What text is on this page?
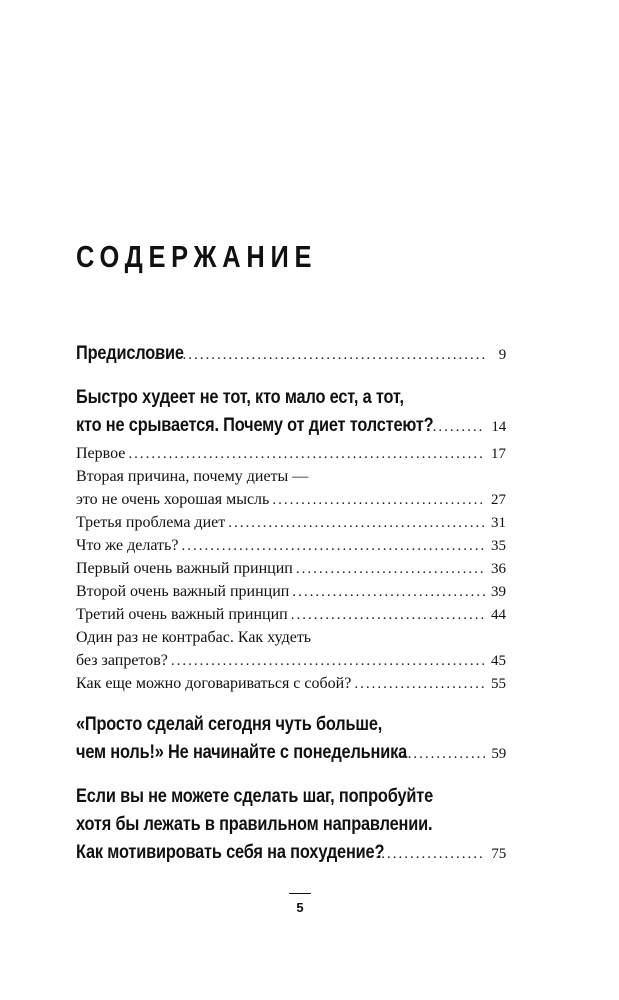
СОДЕРЖАНИЕ
Предисловие .....	9
Быстро худеет не тот, кто мало ест, а тот,
кто не срывается. Почему от диет толстеют? .....	14
Первое .....	17
Вторая причина, почему диеты —
это не очень хорошая мысль .....	27
Третья проблема диет .....	31
Что же делать? .....	35
Первый очень важный принцип .....	36
Второй очень важный принцип .....	39
Третий очень важный принцип .....	44
Один раз не контрабас. Как худеть
без запретов? .....	45
Как еще можно договариваться с собой? .....	55
«Просто сделай сегодня чуть больше,
чем ноль!» Не начинайте с понедельника .....	59
Если вы не можете сделать шаг, попробуйте
хотя бы лежать в правильном направлении.
Как мотивировать себя на похудение? .....	75
5
